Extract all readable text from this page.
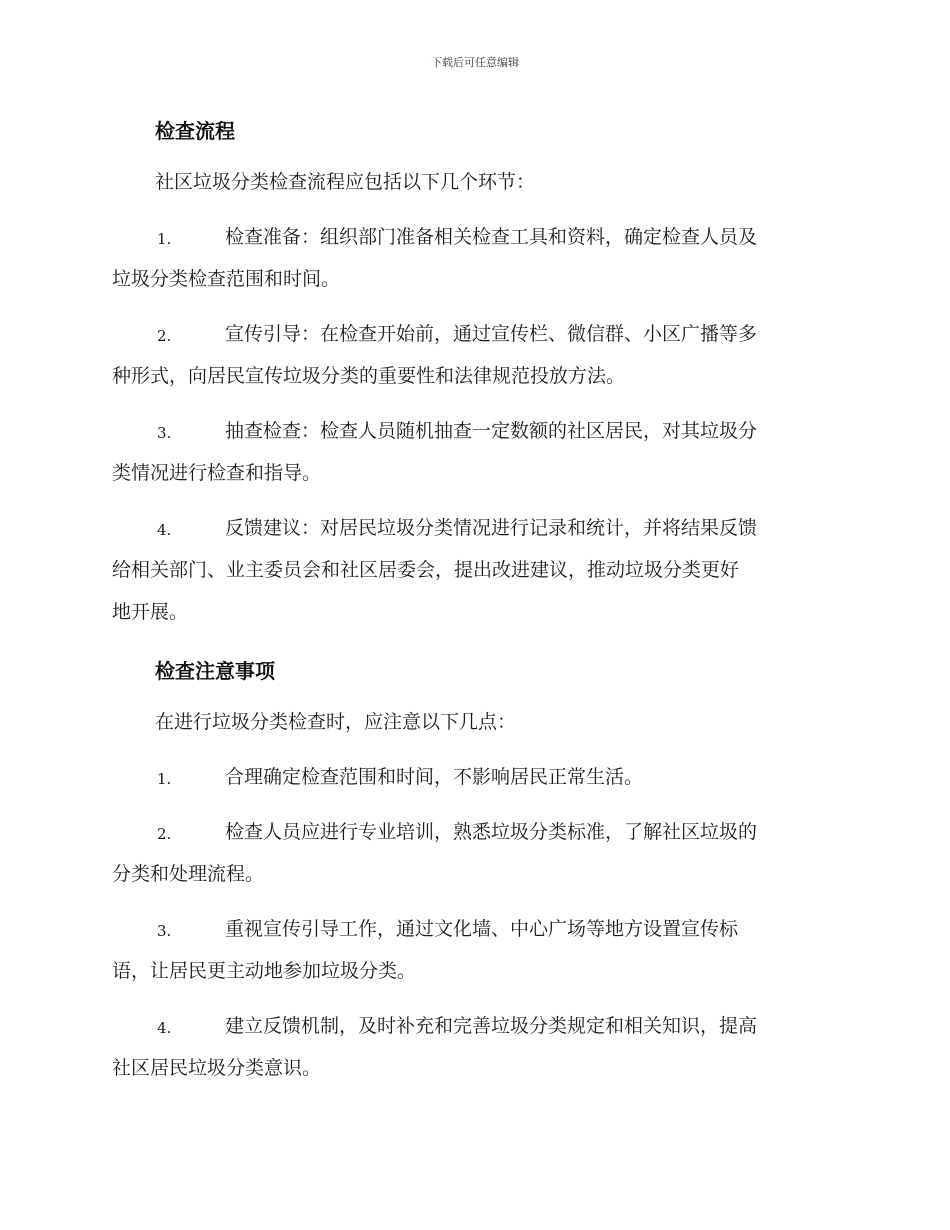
下载后可任意编辑
检查流程
社区垃圾分类检查流程应包括以下几个环节：
1.	检查准备：组织部门准备相关检查工具和资料，确定检查人员及
垃圾分类检查范围和时间。
2.	宣传引导：在检查开始前，通过宣传栏、微信群、小区广播等多
种形式，向居民宣传垃圾分类的重要性和法律规范投放方法。
3.	抽查检查：检查人员随机抽查一定数额的社区居民，对其垃圾分
类情况进行检查和指导。
4.	反馈建议：对居民垃圾分类情况进行记录和统计，并将结果反馈
给相关部门、业主委员会和社区居委会，提出改进建议，推动垃圾分类更好
地开展。
检查注意事项
在进行垃圾分类检查时，应注意以下几点：
1.	合理确定检查范围和时间，不影响居民正常生活。
2.	检查人员应进行专业培训，熟悉垃圾分类标准，了解社区垃圾的
分类和处理流程。
3.	重视宣传引导工作，通过文化墙、中心广场等地方设置宣传标
语，让居民更主动地参加垃圾分类。
4.	建立反馈机制，及时补充和完善垃圾分类规定和相关知识，提高
社区居民垃圾分类意识。
